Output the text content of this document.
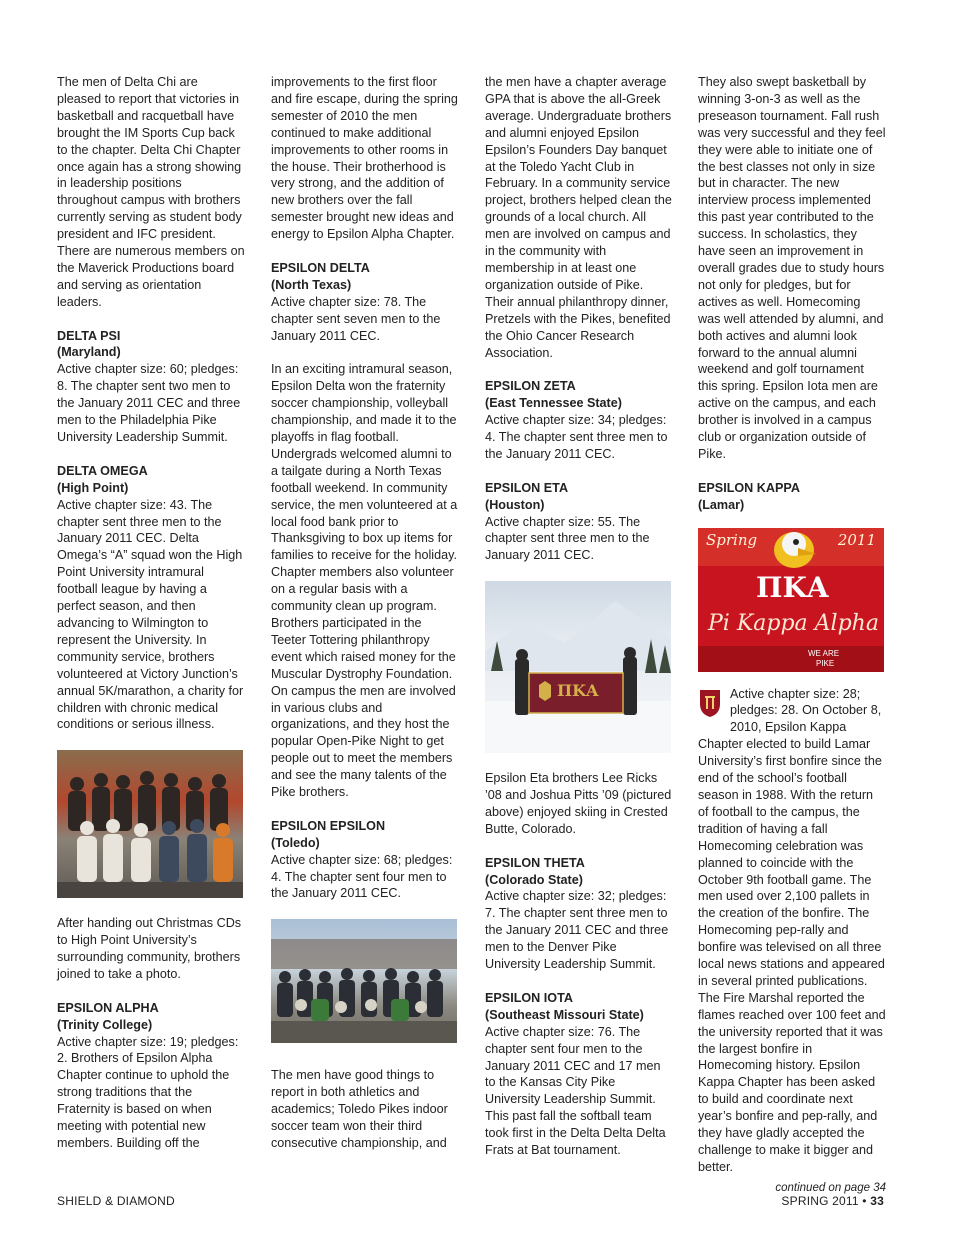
The men of Delta Chi are pleased to report that victories in basketball and racquetball have brought the IM Sports Cup back to the chapter. Delta Chi Chapter once again has a strong showing in leadership positions throughout campus with brothers currently serving as student body president and IFC president. There are numerous members on the Maverick Productions board and serving as orientation leaders.

DELTA PSI
(Maryland)

Active chapter size: 60; pledges: 8. The chapter sent two men to the January 2011 CEC and three men to the Philadelphia Pike University Leadership Summit.

DELTA OMEGA
(High Point)

Active chapter size: 43. The chapter sent three men to the January 2011 CEC. Delta Omega’s “A” squad won the High Point University intramural football league by having a perfect season, and then advancing to Wilmington to represent the University. In community service, brothers volunteered at Victory Junction’s annual 5K/marathon, a charity for children with chronic medical conditions or serious illness.

After handing out Christmas CDs to High Point University’s surrounding community, brothers joined to take a photo.

EPSILON ALPHA
(Trinity College)

Active chapter size: 19; pledges: 2. Brothers of Epsilon Alpha Chapter continue to uphold the strong traditions that the Fraternity is based on when meeting with potential new members. Building off the

improvements to the first floor and fire escape, during the spring semester of 2010 the men continued to make additional improvements to other rooms in the house. Their brotherhood is very strong, and the addition of new brothers over the fall semester brought new ideas and energy to Epsilon Alpha Chapter.

EPSILON DELTA
(North Texas)

Active chapter size: 78. The chapter sent seven men to the January 2011 CEC.

In an exciting intramural season, Epsilon Delta won the fraternity soccer championship, volleyball championship, and made it to the playoffs in flag football. Undergrads welcomed alumni to a tailgate during a North Texas football weekend. In community service, the men volunteered at a local food bank prior to Thanksgiving to box up items for families to receive for the holiday. Chapter members also volunteer on a regular basis with a community clean up program. Brothers participated in the Teeter Tottering philanthropy event which raised money for the Muscular Dystrophy Foundation. On campus the men are involved in various clubs and organizations, and they host the popular Open-Pike Night to get people out to meet the members and see the many talents of the Pike brothers.

EPSILON EPSILON
(Toledo)

Active chapter size: 68; pledges: 4. The chapter sent four men to the January 2011 CEC.

The men have good things to report in both athletics and academics; Toledo Pikes indoor soccer team won their third consecutive championship, and

the men have a chapter average GPA that is above the all-Greek average. Undergraduate brothers and alumni enjoyed Epsilon Epsilon’s Founders Day banquet at the Toledo Yacht Club in February. In a community service project, brothers helped clean the grounds of a local church. All men are involved on campus and in the community with membership in at least one organization outside of Pike. Their annual philanthropy dinner, Pretzels with the Pikes, benefited the Ohio Cancer Research Association.

EPSILON ZETA
(East Tennessee State)

Active chapter size: 34; pledges: 4. The chapter sent three men to the January 2011 CEC.

EPSILON ETA
(Houston)

Active chapter size: 55. The chapter sent three men to the January 2011 CEC.

ΠΚΑ

Epsilon Eta brothers Lee Ricks ’08 and Joshua Pitts ’09 (pictured above) enjoyed skiing in Crested Butte, Colorado.

EPSILON THETA
(Colorado State)

Active chapter size: 32; pledges: 7. The chapter sent three men to the January 2011 CEC and three men to the Denver Pike University Leadership Summit.

EPSILON IOTA
(Southeast Missouri State)

Active chapter size: 76. The chapter sent four men to the January 2011 CEC and 17 men to the Kansas City Pike University Leadership Summit. This past fall the softball team took first in the Delta Delta Delta Frats at Bat tournament.

They also swept basketball by winning 3-on-3 as well as the preseason tournament. Fall rush was very successful and they feel they were able to initiate one of the best classes not only in size but in character. The new interview process implemented this past year contributed to the success. In scholastics, they have seen an improvement in overall grades due to study hours not only for pledges, but for actives as well. Homecoming was well attended by alumni, and both actives and alumni look forward to the annual alumni weekend and golf tournament this spring. Epsilon Iota men are active on the campus, and each brother is involved in a campus club or organization outside of Pike.

EPSILON KAPPA
(Lamar)
Spring	2011
ΠΚΑ
Pi Kappa Alpha
WE ARE
PIKE
Active chapter size: 28; pledges: 28. On October 8, 2010, Epsilon Kappa Chapter elected to build Lamar University’s first bonfire since the end of the school’s football season in 1988. With the return of football to the campus, the tradition of having a fall Homecoming celebration was planned to coincide with the October 9th football game. The men used over 2,100 pallets in the creation of the bonfire. The Homecoming pep-rally and bonfire was televised on all three local news stations and appeared in several printed publications. The Fire Marshal reported the flames reached over 100 feet and the university reported that it was the largest bonfire in Homecoming history. Epsilon Kappa Chapter has been asked to build and coordinate next year’s bonfire and pep-rally, and they have gladly accepted the challenge to make it bigger and better.
continued on page 34
SHIELD & DIAMOND	SPRING 2011 • 33
